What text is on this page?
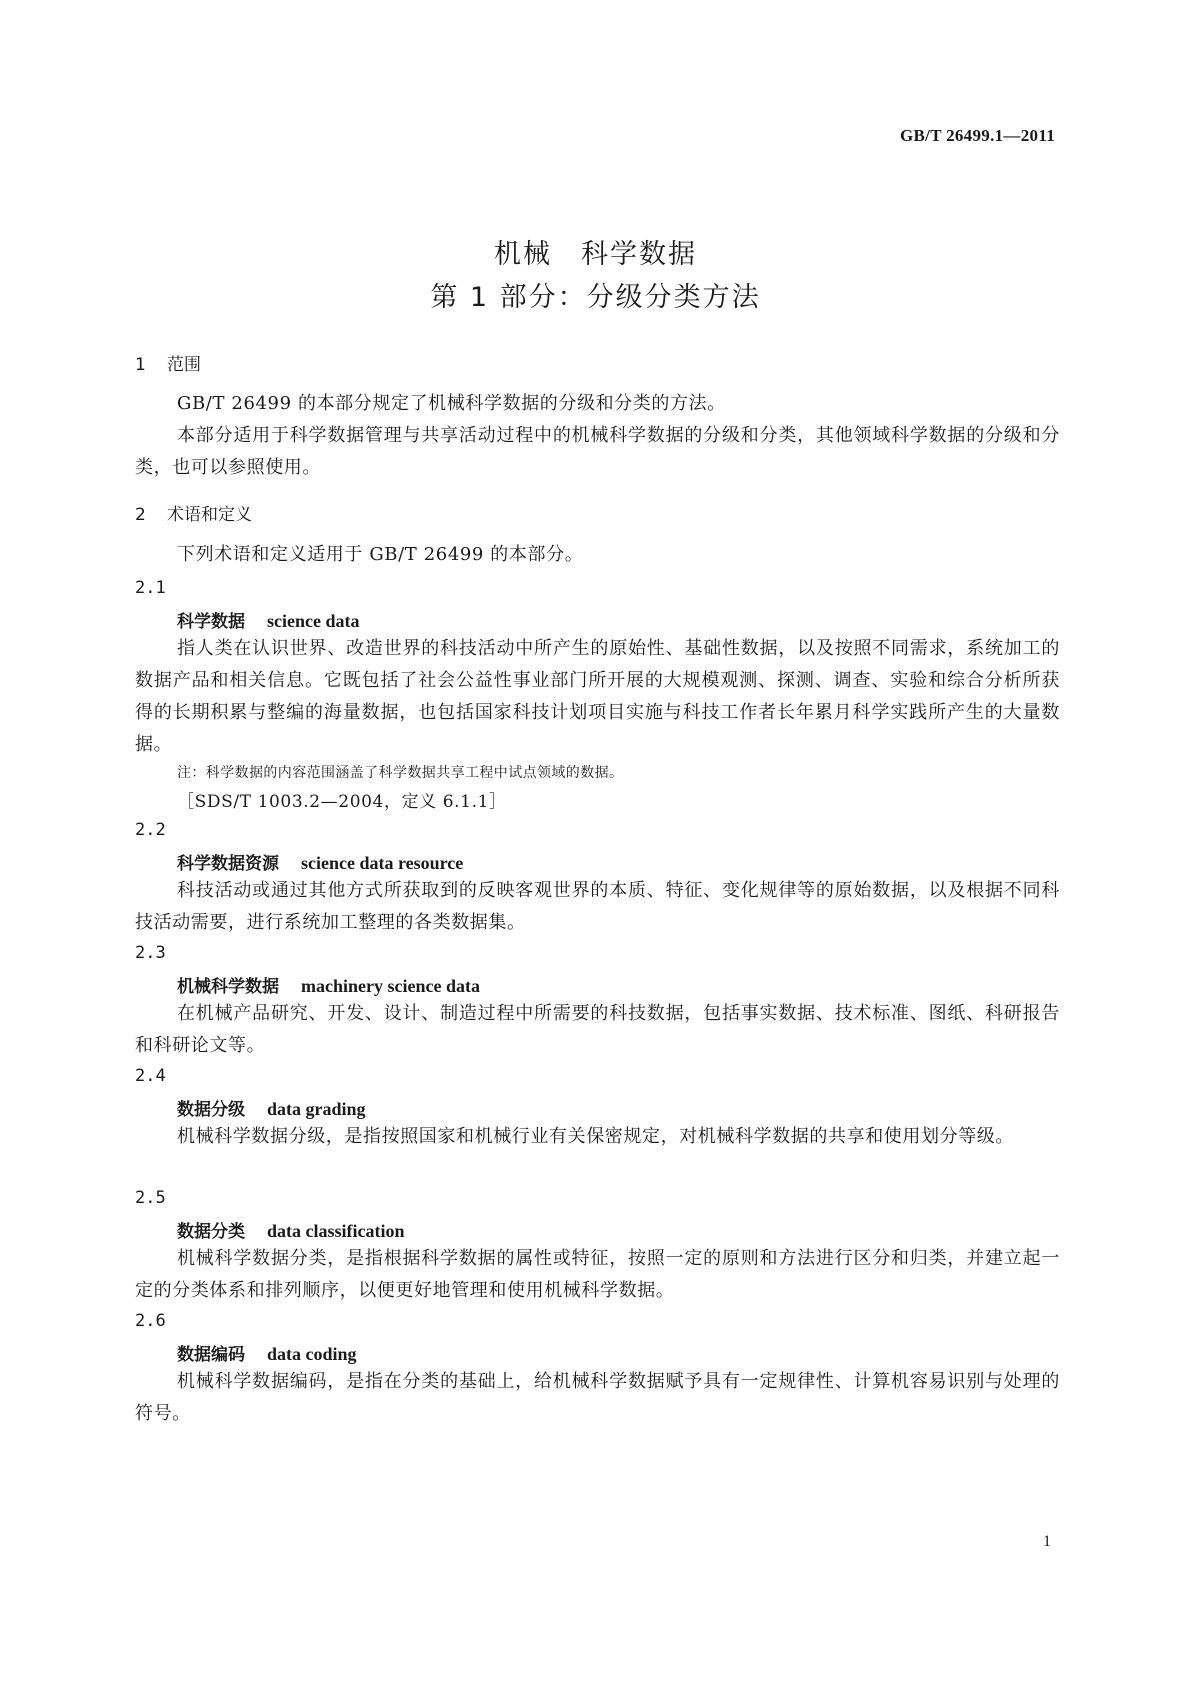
GB/T 26499.1—2011
机械　科学数据
第 1 部分：分级分类方法
1 范围
GB/T 26499 的本部分规定了机械科学数据的分级和分类的方法。
本部分适用于科学数据管理与共享活动过程中的机械科学数据的分级和分类，其他领域科学数据的分级和分类，也可以参照使用。
2 术语和定义
下列术语和定义适用于 GB/T 26499 的本部分。
2.1
科学数据 science data
指人类在认识世界、改造世界的科技活动中所产生的原始性、基础性数据，以及按照不同需求，系统加工的数据产品和相关信息。它既包括了社会公益性事业部门所开展的大规模观测、探测、调查、实验和综合分析所获得的长期积累与整编的海量数据，也包括国家科技计划项目实施与科技工作者长年累月科学实践所产生的大量数据。
注：科学数据的内容范围涵盖了科学数据共享工程中试点领域的数据。
［SDS/T 1003.2—2004，定义 6.1.1］
2.2
科学数据资源 science data resource
科技活动或通过其他方式所获取到的反映客观世界的本质、特征、变化规律等的原始数据，以及根据不同科技活动需要，进行系统加工整理的各类数据集。
2.3
机械科学数据 machinery science data
在机械产品研究、开发、设计、制造过程中所需要的科技数据，包括事实数据、技术标准、图纸、科研报告和科研论文等。
2.4
数据分级 data grading
机械科学数据分级，是指按照国家和机械行业有关保密规定，对机械科学数据的共享和使用划分等级。
2.5
数据分类 data classification
机械科学数据分类，是指根据科学数据的属性或特征，按照一定的原则和方法进行区分和归类，并建立起一定的分类体系和排列顺序，以便更好地管理和使用机械科学数据。
2.6
数据编码 data coding
机械科学数据编码，是指在分类的基础上，给机械科学数据赋予具有一定规律性、计算机容易识别与处理的符号。
1
